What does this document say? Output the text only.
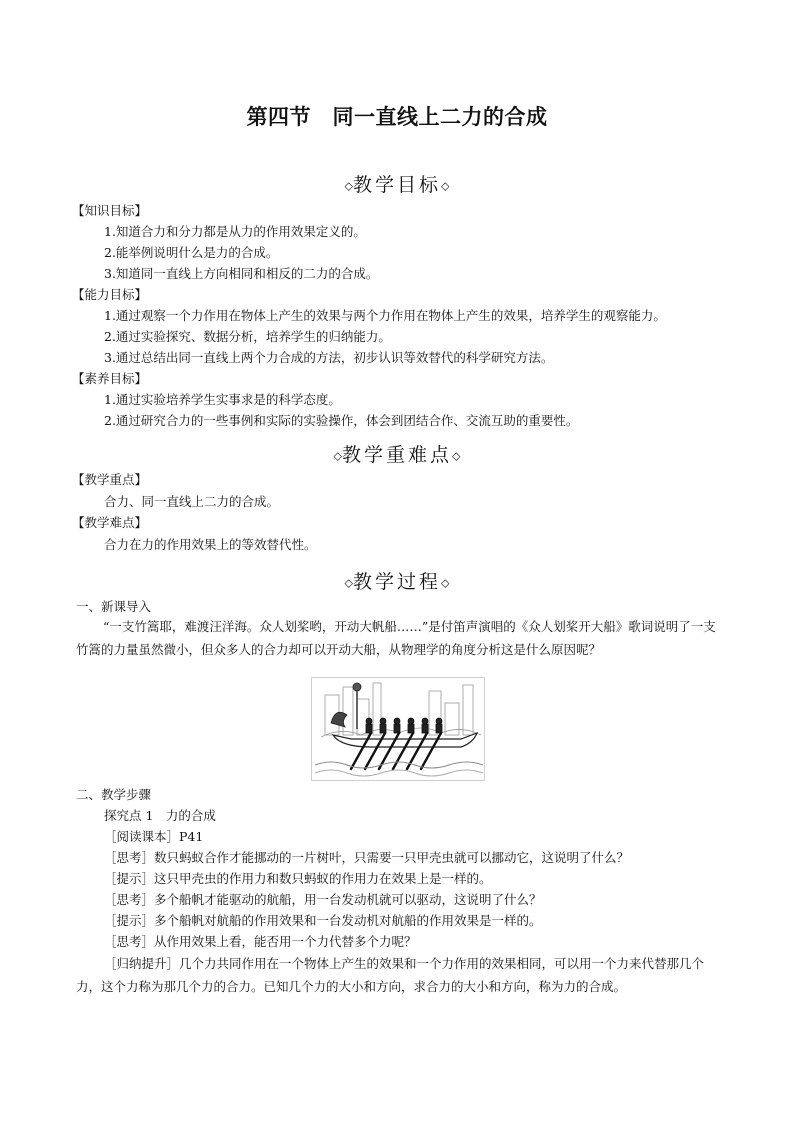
第四节　同一直线上二力的合成
◇教学目标◇
【知识目标】
1.知道合力和分力都是从力的作用效果定义的。
2.能举例说明什么是力的合成。
3.知道同一直线上方向相同和相反的二力的合成。
【能力目标】
1.通过观察一个力作用在物体上产生的效果与两个力作用在物体上产生的效果，培养学生的观察能力。
2.通过实验探究、数据分析，培养学生的归纳能力。
3.通过总结出同一直线上两个力合成的方法，初步认识等效替代的科学研究方法。
【素养目标】
1.通过实验培养学生实事求是的科学态度。
2.通过研究合力的一些事例和实际的实验操作，体会到团结合作、交流互助的重要性。
◇教学重难点◇
【教学重点】
合力、同一直线上二力的合成。
【教学难点】
合力在力的作用效果上的等效替代性。
◇教学过程◇
一、新课导入
“一支竹篙耶，难渡汪洋海。众人划桨哟，开动大帆船……”是付笛声演唱的《众人划桨开大船》歌词说明了一支竹篙的力量虽然微小，但众多人的合力却可以开动大船，从物理学的角度分析这是什么原因呢？
二、教学步骤
探究点 1　力的合成
［阅读课本］P41
［思考］数只蚂蚁合作才能挪动的一片树叶，只需要一只甲壳虫就可以挪动它，这说明了什么？
［提示］这只甲壳虫的作用力和数只蚂蚁的作用力在效果上是一样的。
［思考］多个船帆才能驱动的航船，用一台发动机就可以驱动，这说明了什么？
［提示］多个船帆对航船的作用效果和一台发动机对航船的作用效果是一样的。
［思考］从作用效果上看，能否用一个力代替多个力呢？
［归纳提升］几个力共同作用在一个物体上产生的效果和一个力作用的效果相同，可以用一个力来代替那几个力，这个力称为那几个力的合力。已知几个力的大小和方向，求合力的大小和方向，称为力的合成。
